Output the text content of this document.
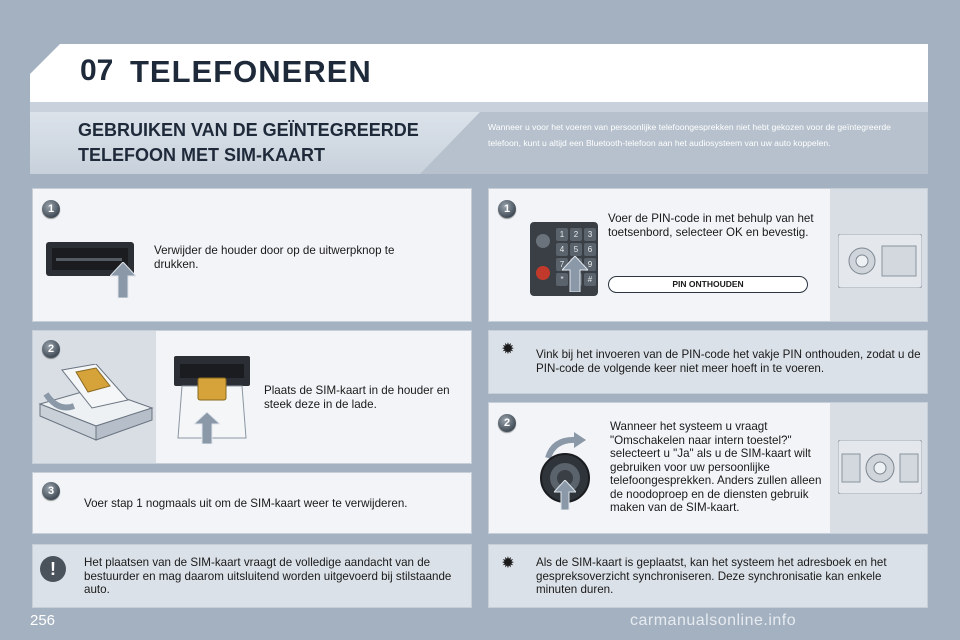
07 TELEFONEREN
GEBRUIKEN VAN DE GEÏNTEGREERDE TELEFOON MET SIM-KAART
Wanneer u voor het voeren van persoonlijke telefoongesprekken niet hebt gekozen voor de geïntegreerde telefoon, kunt u altijd een Bluetooth-telefoon aan het audiosysteem van uw auto koppelen.
1
Verwijder de houder door op de uitwerpknop te drukken.
2
Plaats de SIM-kaart in de houder en steek deze in de lade.
3
Voer stap 1 nogmaals uit om de SIM-kaart weer te verwijderen.
!	Het plaatsen van de SIM-kaart vraagt de volledige aandacht van de bestuurder en mag daarom uitsluitend worden uitgevoerd bij stilstaande auto.
1
1	2	3
4	5	6
7	9
*	#
Voer de PIN-code in met behulp van het toetsenbord, selecteer OK en bevestig.
PIN ONTHOUDEN
✹ Vink bij het invoeren van de PIN-code het vakje PIN onthouden, zodat u de PIN-code de volgende keer niet meer hoeft in te voeren.
2	Wanneer het systeem u vraagt "Omschakelen naar intern toestel?" selecteert u "Ja" als u de SIM-kaart wilt gebruiken voor uw persoonlijke telefoongesprekken. Anders zullen alleen de noodoproep en de diensten gebruik maken van de SIM-kaart.
✹ Als de SIM-kaart is geplaatst, kan het systeem het adresboek en het gespreksoverzicht synchroniseren. Deze synchronisatie kan enkele minuten duren.
256	carmanualsonline.info
